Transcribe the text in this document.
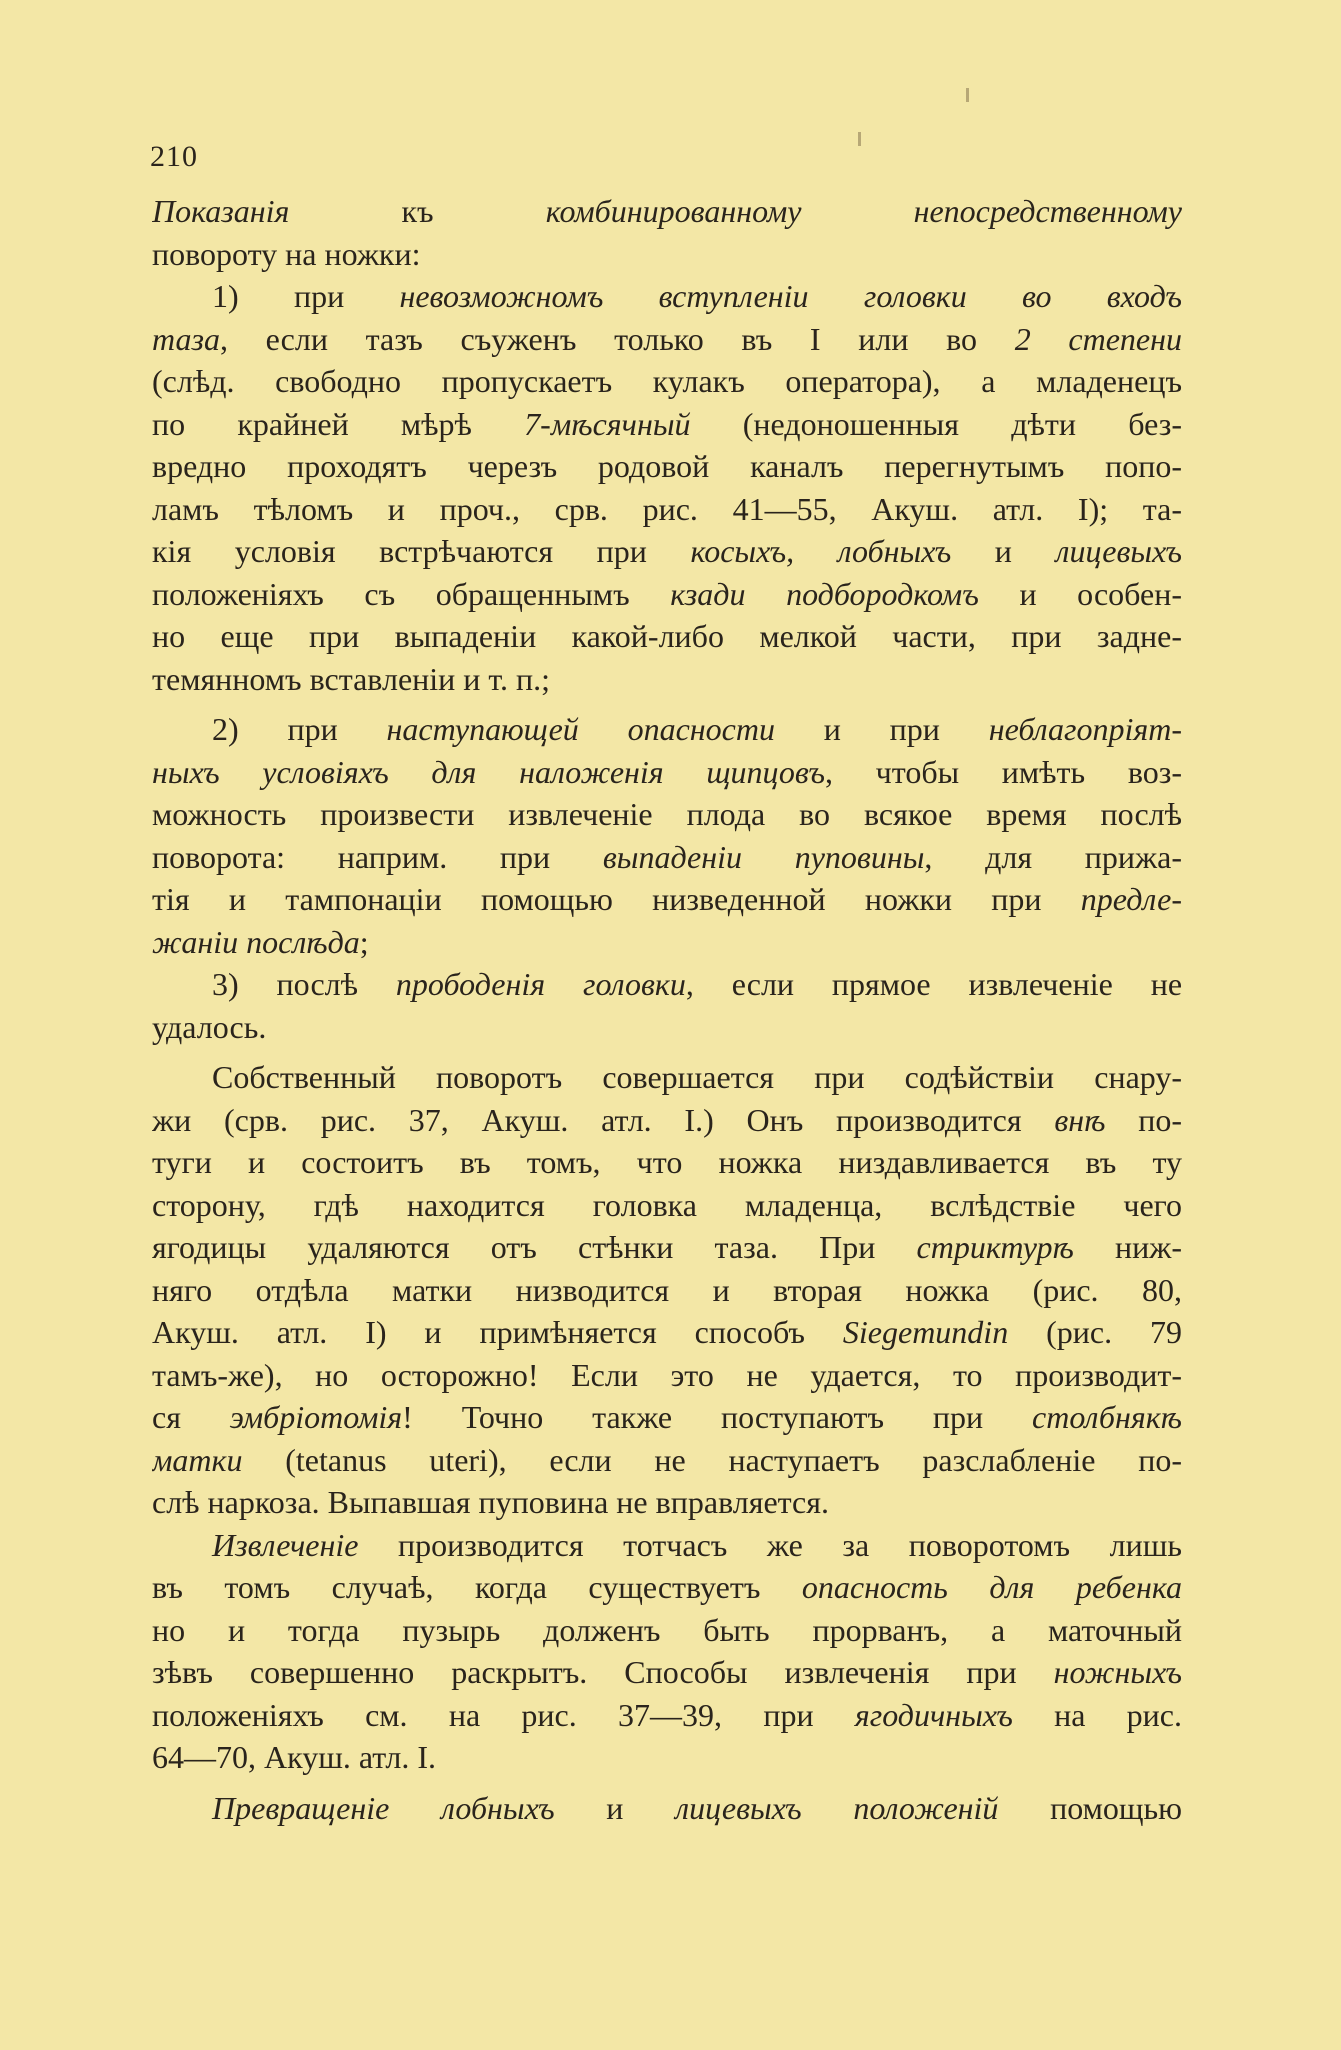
210
Показанія къ комбинированному непосредственному
повороту на ножки:
1) при невозможномъ вступленіи головки во входъ
таза, если тазъ съуженъ только въ I или во 2 степени
(слѣд. свободно пропускаетъ кулакъ оператора), а младенецъ
по крайней мѣрѣ 7-мѣсячный (недоношенныя дѣти без-
вредно проходятъ черезъ родовой каналъ перегнутымъ попо-
ламъ тѣломъ и проч., срв. рис. 41—55, Акуш. атл. I); та-
кія условія встрѣчаются при косыхъ, лобныхъ и лицевыхъ
положеніяхъ съ обращеннымъ кзади подбородкомъ и особен-
но еще при выпаденіи какой-либо мелкой части, при задне-
темянномъ вставленіи и т. п.;
2) при наступающей опасности и при неблагопріят-
ныхъ условіяхъ для наложенія щипцовъ, чтобы имѣть воз-
можность произвести извлеченіе плода во всякое время послѣ
поворота: наприм. при выпаденіи пуповины, для прижа-
тія и тампонаціи помощью низведенной ножки при предле-
жаніи послѣда;
3) послѣ прободенія головки, если прямое извлеченіе не
удалось.
Собственный поворотъ совершается при содѣйствіи снару-
жи (срв. рис. 37, Акуш. атл. I.) Онъ производится внѣ по-
туги и состоитъ въ томъ, что ножка низдавливается въ ту
сторону, гдѣ находится головка младенца, вслѣдствіе чего
ягодицы удаляются отъ стѣнки таза. При стриктурѣ ниж-
няго отдѣла матки низводится и вторая ножка (рис. 80,
Акуш. атл. I) и примѣняется способъ Siegemundin (рис. 79
тамъ-же), но осторожно! Если это не удается, то производит-
ся эмбріотомія! Точно также поступаютъ при столбнякѣ
матки (tetanus uteri), если не наступаетъ разслабленіе по-
слѣ наркоза. Выпавшая пуповина не вправляется.
Извлеченіе производится тотчасъ же за поворотомъ лишь
въ томъ случаѣ, когда существуетъ опасность для ребенка
но и тогда пузырь долженъ быть прорванъ, а маточный
зѣвъ совершенно раскрытъ. Способы извлеченія при ножныхъ
положеніяхъ см. на рис. 37—39, при ягодичныхъ на рис.
64—70, Акуш. атл. I.
Превращеніе лобныхъ и лицевыхъ положеній помощью
